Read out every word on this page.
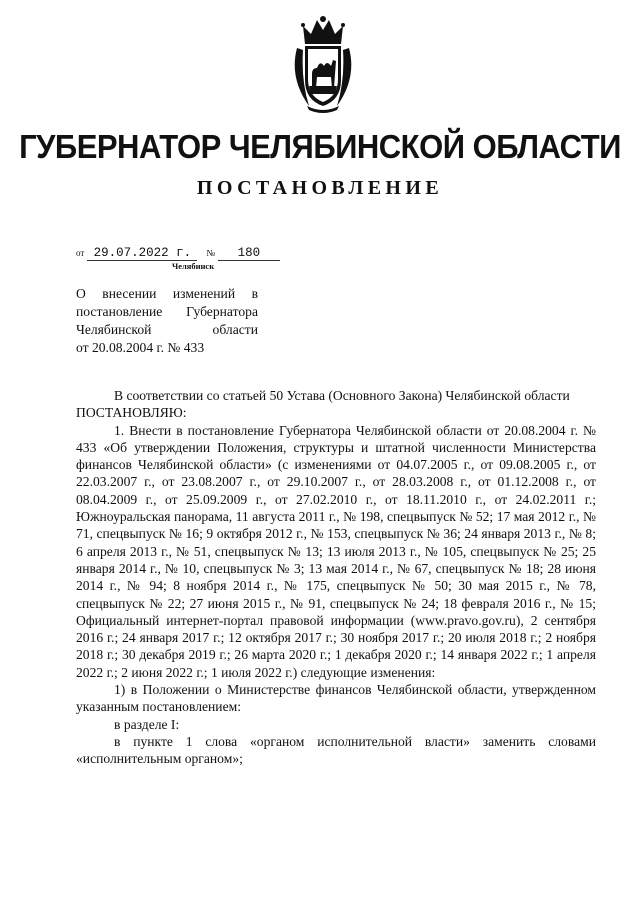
ГУБЕРНАТОР ЧЕЛЯБИНСКОЙ ОБЛАСТИ
ПОСТАНОВЛЕНИЕ
от 29.07.2022 г. № 180
Челябинск

О внесении изменений в

постановление Губернатора

Челябинской области

от 20.08.2004 г. № 433

В соответствии со статьей 50 Устава (Основного Закона) Челябинской области

ПОСТАНОВЛЯЮ:

1. Внести в постановление Губернатора Челябинской области от 20.08.2004 г. № 433 «Об утверждении Положения, структуры и штатной численности Министерства финансов Челябинской области» (с изменениями от 04.07.2005 г., от 09.08.2005 г., от 22.03.2007 г., от 23.08.2007 г., от 29.10.2007 г., от 28.03.2008 г., от 01.12.2008 г., от 08.04.2009 г., от 25.09.2009 г., от 27.02.2010 г., от 18.11.2010 г., от 24.02.2011 г.; Южноуральская панорама, 11 августа 2011 г., № 198, спецвыпуск № 52; 17 мая 2012 г., № 71, спецвыпуск № 16; 9 октября 2012 г., № 153, спецвыпуск № 36; 24 января 2013 г., № 8; 6 апреля 2013 г., № 51, спецвыпуск № 13; 13 июля 2013 г., № 105, спецвыпуск № 25; 25 января 2014 г., № 10, спецвыпуск № 3; 13 мая 2014 г., № 67, спецвыпуск № 18; 28 июня 2014 г., № 94; 8 ноября 2014 г., № 175, спецвыпуск № 50; 30 мая 2015 г., № 78, спецвыпуск № 22; 27 июня 2015 г., № 91, спецвыпуск № 24; 18 февраля 2016 г., № 15; Официальный интернет-портал правовой информации (www.pravo.gov.ru), 2 сентября 2016 г.; 24 января 2017 г.; 12 октября 2017 г.; 30 ноября 2017 г.; 20 июля 2018 г.; 2 ноября 2018 г.; 30 декабря 2019 г.; 26 марта 2020 г.; 1 декабря 2020 г.; 14 января 2022 г.; 1 апреля 2022 г.; 2 июня 2022 г.; 1 июля 2022 г.) следующие изменения:

1) в Положении о Министерстве финансов Челябинской области, утвержденном указанным постановлением:

в разделе I:

в пункте 1 слова «органом исполнительной власти» заменить словами «исполнительным органом»;
